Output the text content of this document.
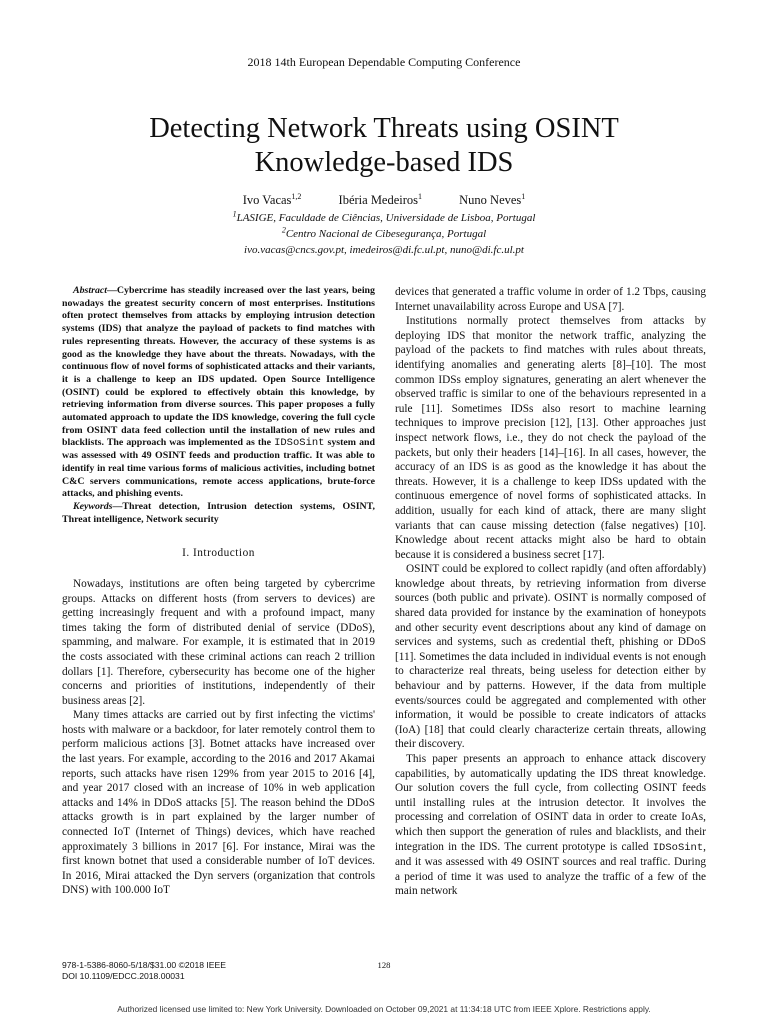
2018 14th European Dependable Computing Conference
Detecting Network Threats using OSINT
Knowledge-based IDS
Ivo Vacas$^{1,2}$	Ibéria Medeiros$^1$	Nuno Neves$^1$
$^1$LASIGE, Faculdade de Ciências, Universidade de Lisboa, Portugal
$^2$Centro Nacional de Cibesegurança, Portugal
ivo.vacas@cncs.gov.pt, imedeiros@di.fc.ul.pt, nuno@di.fc.ul.pt

Abstract—Cybercrime has steadily increased over the last years, being nowadays the greatest security concern of most enterprises. Institutions often protect themselves from attacks by employing intrusion detection systems (IDS) that analyze the payload of packets to find matches with rules representing threats. However, the accuracy of these systems is as good as the knowledge they have about the threats. Nowadays, with the continuous flow of novel forms of sophisticated attacks and their variants, it is a challenge to keep an IDS updated. Open Source Intelligence (OSINT) could be explored to effectively obtain this knowledge, by retrieving information from diverse sources. This paper proposes a fully automated approach to update the IDS knowledge, covering the full cycle from OSINT data feed collection until the installation of new rules and blacklists. The approach was implemented as the IDSoSint system and was assessed with 49 OSINT feeds and production traffic. It was able to identify in real time various forms of malicious activities, including botnet C&C servers communications, remote access applications, brute-force attacks, and phishing events.

Keywords—Threat detection, Intrusion detection systems, OSINT, Threat intelligence, Network security

I. Introduction

Nowadays, institutions are often being targeted by cybercrime groups. Attacks on different hosts (from servers to devices) are getting increasingly frequent and with a profound impact, many times taking the form of distributed denial of service (DDoS), spamming, and malware. For example, it is estimated that in 2019 the costs associated with these criminal actions can reach 2 trillion dollars [1]. Therefore, cybersecurity has become one of the higher concerns and priorities of institutions, independently of their business areas [2].

Many times attacks are carried out by first infecting the victims' hosts with malware or a backdoor, for later remotely control them to perform malicious actions [3]. Botnet attacks have increased over the last years. For example, according to the 2016 and 2017 Akamai reports, such attacks have risen 129% from year 2015 to 2016 [4], and year 2017 closed with an increase of 10% in web application attacks and 14% in DDoS attacks [5]. The reason behind the DDoS attacks growth is in part explained by the larger number of connected IoT (Internet of Things) devices, which have reached approximately 3 billions in 2017 [6]. For instance, Mirai was the first known botnet that used a considerable number of IoT devices. In 2016, Mirai attacked the Dyn servers (organization that controls DNS) with 100.000 IoT

devices that generated a traffic volume in order of 1.2 Tbps, causing Internet unavailability across Europe and USA [7].

Institutions normally protect themselves from attacks by deploying IDS that monitor the network traffic, analyzing the payload of the packets to find matches with rules about threats, identifying anomalies and generating alerts [8]–[10]. The most common IDSs employ signatures, generating an alert whenever the observed traffic is similar to one of the behaviours represented in a rule [11]. Sometimes IDSs also resort to machine learning techniques to improve precision [12], [13]. Other approaches just inspect network flows, i.e., they do not check the payload of the packets, but only their headers [14]–[16]. In all cases, however, the accuracy of an IDS is as good as the knowledge it has about the threats. However, it is a challenge to keep IDSs updated with the continuous emergence of novel forms of sophisticated attacks. In addition, usually for each kind of attack, there are many slight variants that can cause missing detection (false negatives) [10]. Knowledge about recent attacks might also be hard to obtain because it is considered a business secret [17].

OSINT could be explored to collect rapidly (and often affordably) knowledge about threats, by retrieving information from diverse sources (both public and private). OSINT is normally composed of shared data provided for instance by the examination of honeypots and other security event descriptions about any kind of damage on services and systems, such as credential theft, phishing or DDoS [11]. Sometimes the data included in individual events is not enough to characterize real threats, being useless for detection either by behaviour and by patterns. However, if the data from multiple events/sources could be aggregated and complemented with other information, it would be possible to create indicators of attacks (IoA) [18] that could clearly characterize certain threats, allowing their discovery.

This paper presents an approach to enhance attack discovery capabilities, by automatically updating the IDS threat knowledge. Our solution covers the full cycle, from collecting OSINT feeds until installing rules at the intrusion detector. It involves the processing and correlation of OSINT data in order to create IoAs, which then support the generation of rules and blacklists, and their integration in the IDS. The current prototype is called IDSoSint, and it was assessed with 49 OSINT sources and real traffic. During a period of time it was used to analyze the traffic of a few of the main network

978-1-5386-8060-5/18/$31.00 ©2018 IEEE
DOI 10.1109/EDCC.2018.00031
128
Authorized licensed use limited to: New York University. Downloaded on October 09,2021 at 11:34:18 UTC from IEEE Xplore. Restrictions apply.
